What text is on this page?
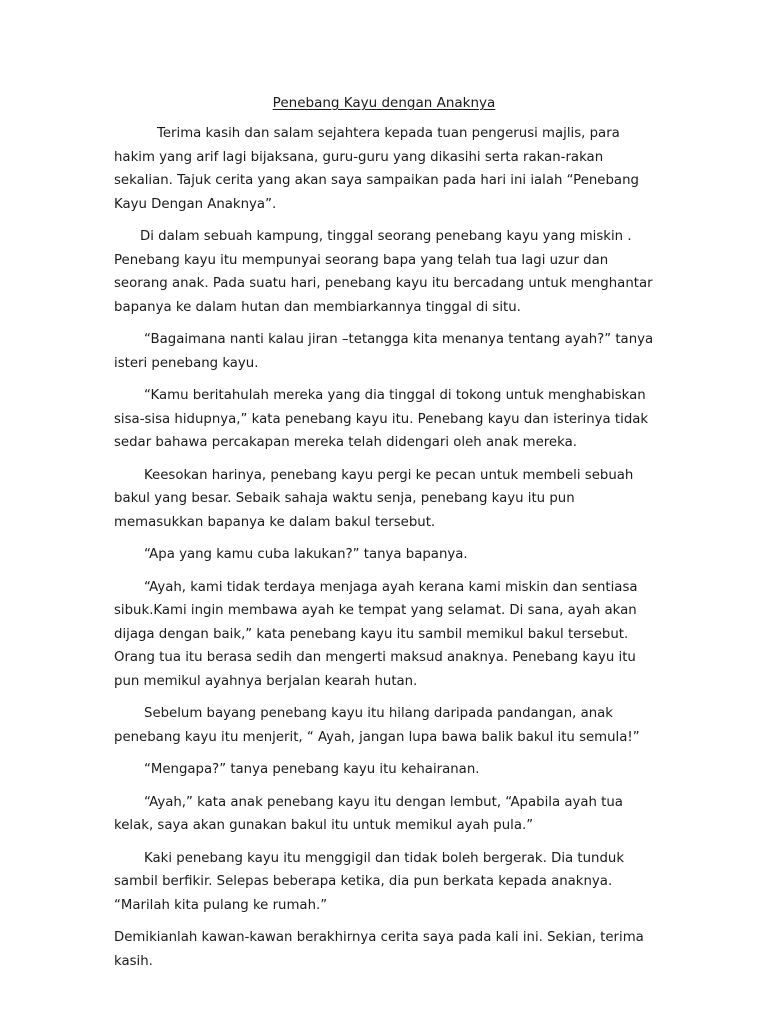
Penebang Kayu dengan Anaknya

Terima kasih dan salam sejahtera kepada tuan pengerusi majlis, para hakim yang arif lagi bijaksana, guru-guru yang dikasihi serta rakan-rakan sekalian. Tajuk cerita yang akan saya sampaikan pada hari ini ialah “Penebang Kayu Dengan Anaknya”.

Di dalam sebuah kampung, tinggal seorang penebang kayu yang miskin . Penebang kayu itu mempunyai seorang bapa yang telah tua lagi uzur dan seorang anak. Pada suatu hari, penebang kayu itu bercadang untuk menghantar bapanya ke dalam hutan dan membiarkannya tinggal di situ.

“Bagaimana nanti kalau jiran –tetangga kita menanya tentang ayah?” tanya isteri penebang kayu.

“Kamu beritahulah mereka yang dia tinggal di tokong untuk menghabiskan sisa-sisa hidupnya,” kata penebang kayu itu. Penebang kayu dan isterinya tidak sedar bahawa percakapan mereka telah didengari oleh anak mereka.

Keesokan harinya, penebang kayu pergi ke pecan untuk membeli sebuah bakul yang besar. Sebaik sahaja waktu senja, penebang kayu itu pun memasukkan bapanya ke dalam bakul tersebut.

“Apa yang kamu cuba lakukan?” tanya bapanya.

“Ayah, kami tidak terdaya menjaga ayah kerana kami miskin dan sentiasa sibuk.Kami ingin membawa ayah ke tempat yang selamat. Di sana, ayah akan dijaga dengan baik,” kata penebang kayu itu sambil memikul bakul tersebut. Orang tua itu berasa sedih dan mengerti maksud anaknya. Penebang kayu itu pun memikul ayahnya berjalan kearah hutan.

Sebelum bayang penebang kayu itu hilang daripada pandangan, anak penebang kayu itu menjerit, “ Ayah, jangan lupa bawa balik bakul itu semula!”

“Mengapa?” tanya penebang kayu itu kehairanan.

“Ayah,” kata anak penebang kayu itu dengan lembut, “Apabila ayah tua kelak, saya akan gunakan bakul itu untuk memikul ayah pula.”

Kaki penebang kayu itu menggigil dan tidak boleh bergerak. Dia tunduk sambil berfikir. Selepas beberapa ketika, dia pun berkata kepada anaknya. “Marilah kita pulang ke rumah.”

Demikianlah kawan-kawan berakhirnya cerita saya pada kali ini. Sekian, terima kasih.
